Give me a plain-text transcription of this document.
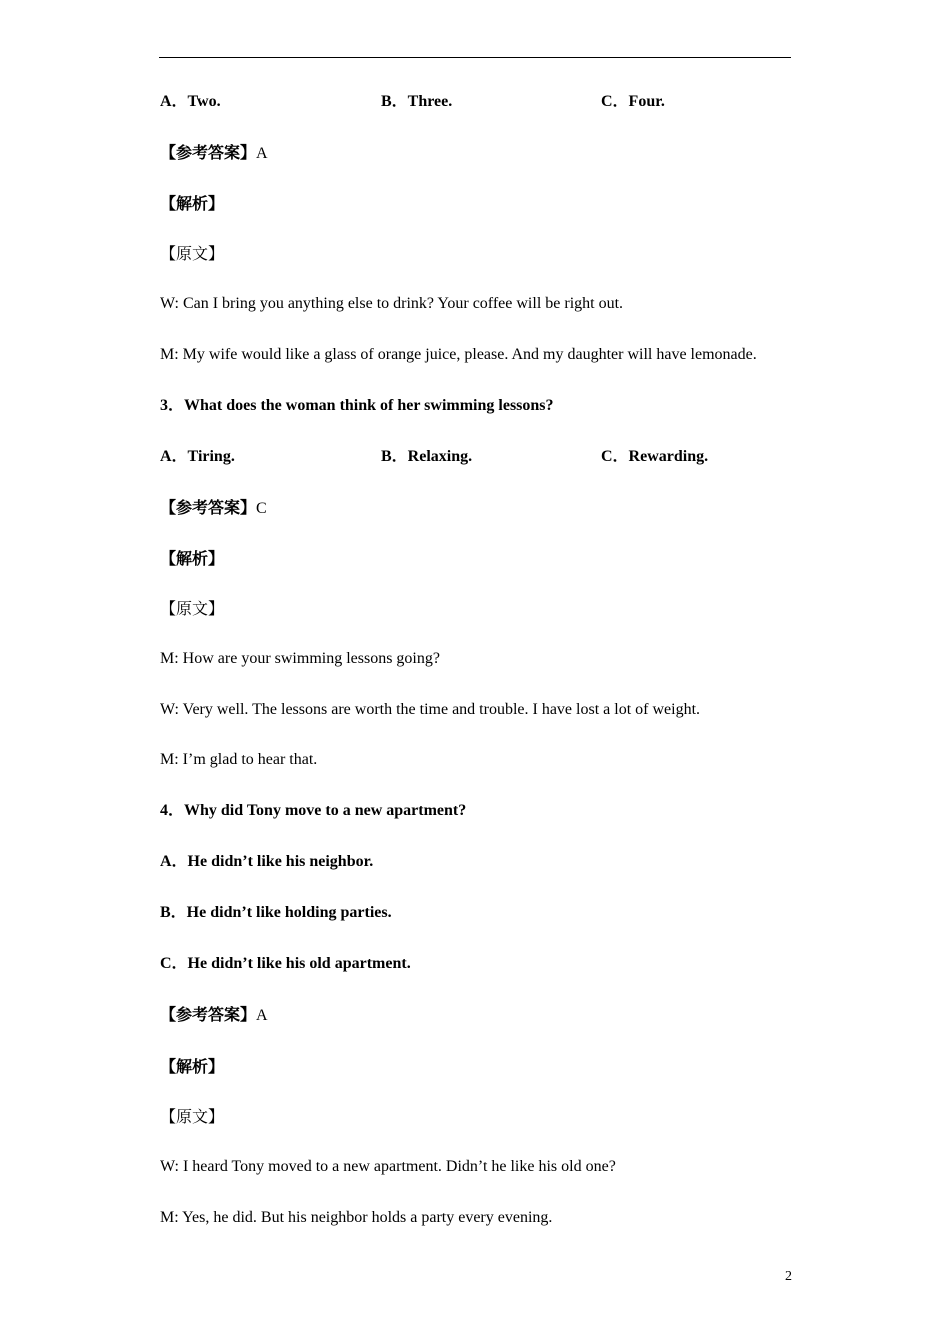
A．Two.	B．Three.	C．Four.
【参考答案】A
【解析】
【原文】
W: Can I bring you anything else to drink? Your coffee will be right out.
M: My wife would like a glass of orange juice, please. And my daughter will have lemonade.
3．What does the woman think of her swimming lessons?
A．Tiring.	B．Relaxing.	C．Rewarding.
【参考答案】C
【解析】
【原文】
M: How are your swimming lessons going?
W: Very well. The lessons are worth the time and trouble. I have lost a lot of weight.
M: I’m glad to hear that.
4．Why did Tony move to a new apartment?
A．He didn’t like his neighbor.
B．He didn’t like holding parties.
C．He didn’t like his old apartment.
【参考答案】A
【解析】
【原文】
W: I heard Tony moved to a new apartment. Didn’t he like his old one?
M: Yes, he did. But his neighbor holds a party every evening.
2
